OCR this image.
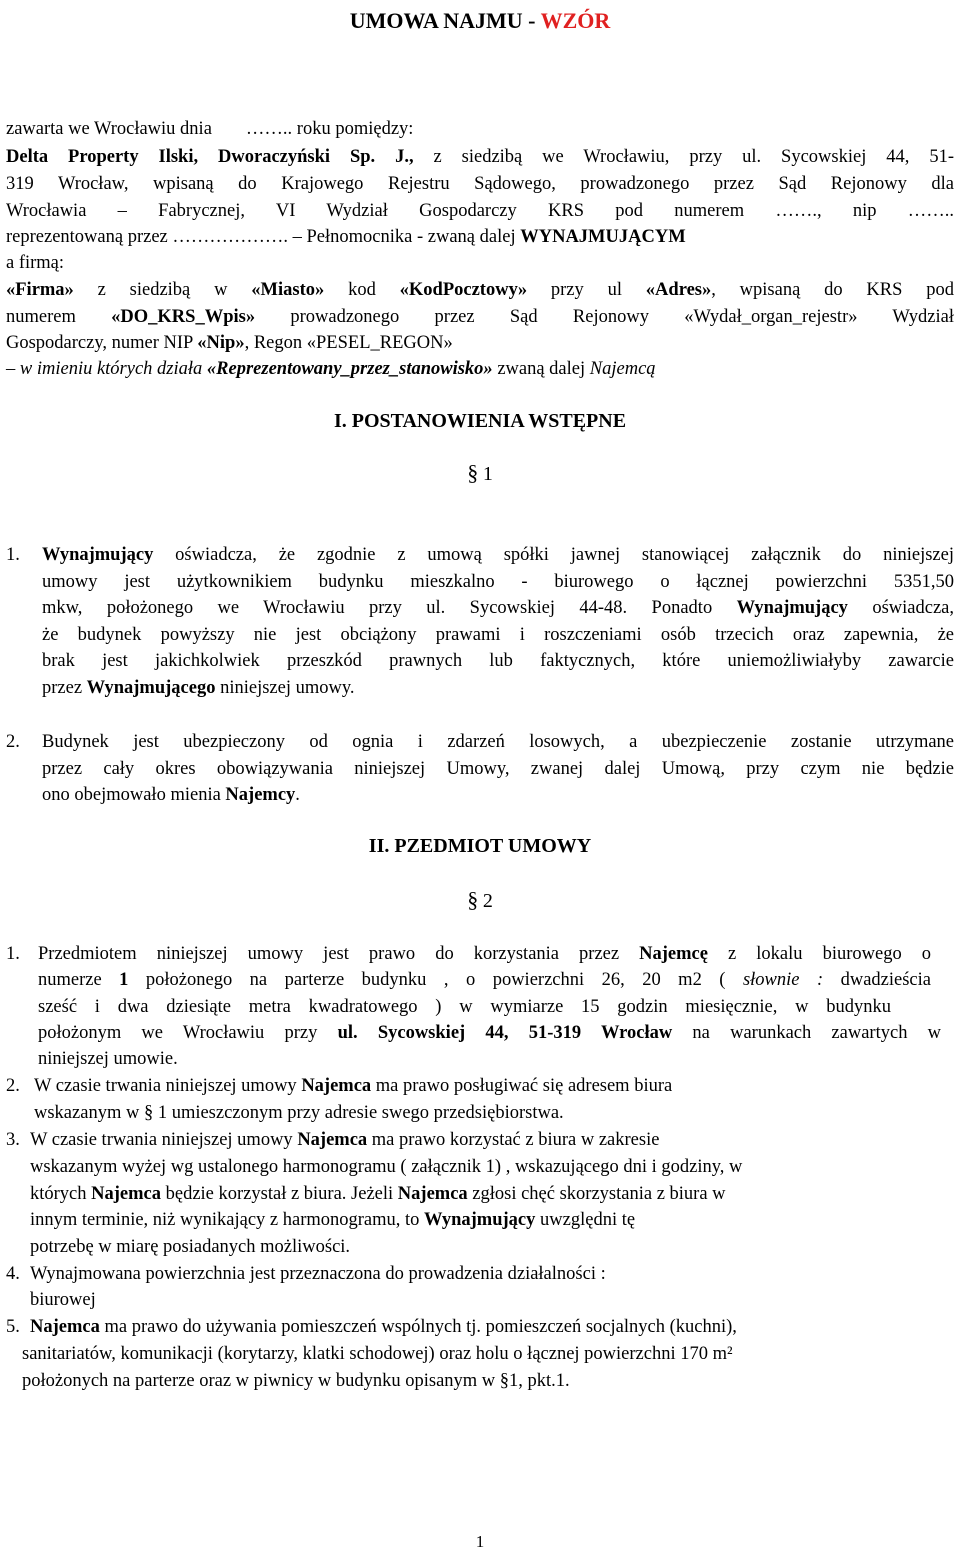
UMOWA NAJMU - WZÓR
zawarta we Wrocławiu dnia …….. roku pomiędzy:
Delta Property Ilski, Dworaczyński Sp. J., z siedzibą we Wrocławiu, przy ul. Sycowskiej 44, 51-
319 Wrocław, wpisaną do Krajowego Rejestru Sądowego, prowadzonego przez Sąd Rejonowy dla
Wrocławia – Fabrycznej, VI Wydział Gospodarczy KRS pod numerem ……., nip ……..
reprezentowaną przez ………………. – Pełnomocnika - zwaną dalej WYNAJMUJĄCYM
a firmą:
«Firma» z siedzibą w «Miasto» kod «KodPocztowy» przy ul «Adres», wpisaną do KRS pod
numerem «DO_KRS_Wpis» prowadzonego przez Sąd Rejonowy «Wydał_organ_rejestr» Wydział
Gospodarczy, numer NIP «Nip», Regon «PESEL_REGON»
– w imieniu których działa «Reprezentowany_przez_stanowisko» zwaną dalej Najemcą
I. POSTANOWIENIA WSTĘPNE
§ 1
1. Wynajmujący oświadcza, że zgodnie z umową spółki jawnej stanowiącej załącznik do niniejszej
umowy jest użytkownikiem budynku mieszkalno - biurowego o łącznej powierzchni 5351,50
mkw, położonego we Wrocławiu przy ul. Sycowskiej 44-48. Ponadto Wynajmujący oświadcza,
że budynek powyższy nie jest obciążony prawami i roszczeniami osób trzecich oraz zapewnia, że
brak jest jakichkolwiek przeszkód prawnych lub faktycznych, które uniemożliwiałyby zawarcie
przez Wynajmującego niniejszej umowy.
2. Budynek jest ubezpieczony od ognia i zdarzeń losowych, a ubezpieczenie zostanie utrzymane
przez cały okres obowiązywania niniejszej Umowy, zwanej dalej Umową, przy czym nie będzie
ono obejmowało mienia Najemcy.
II. PZEDMIOT UMOWY
§ 2
1. Przedmiotem niniejszej umowy jest prawo do korzystania przez Najemcę z lokalu biurowego o
numerze 1 położonego na parterze budynku , o powierzchni 26, 20 m2 ( słownie : dwadzieścia
sześć i dwa dziesiąte metra kwadratowego ) w wymiarze 15 godzin miesięcznie, w budynku
położonym we Wrocławiu przy ul. Sycowskiej 44, 51-319 Wrocław na warunkach zawartych w
niniejszej umowie.
2. W czasie trwania niniejszej umowy Najemca ma prawo posługiwać się adresem biura
wskazanym w § 1 umieszczonym przy adresie swego przedsiębiorstwa.
3. W czasie trwania niniejszej umowy Najemca ma prawo korzystać z biura w zakresie
wskazanym wyżej wg ustalonego harmonogramu ( załącznik 1) , wskazującego dni i godziny, w
których Najemca będzie korzystał z biura. Jeżeli Najemca zgłosi chęć skorzystania z biura w
innym terminie, niż wynikający z harmonogramu, to Wynajmujący uwzględni tę
potrzebę w miarę posiadanych możliwości.
4. Wynajmowana powierzchnia jest przeznaczona do prowadzenia działalności :
biurowej
5. Najemca ma prawo do używania pomieszczeń wspólnych tj. pomieszczeń socjalnych (kuchni),
sanitariatów, komunikacji (korytarzy, klatki schodowej) oraz holu o łącznej powierzchni 170 m²
położonych na parterze oraz w piwnicy w budynku opisanym w §1, pkt.1.
1
